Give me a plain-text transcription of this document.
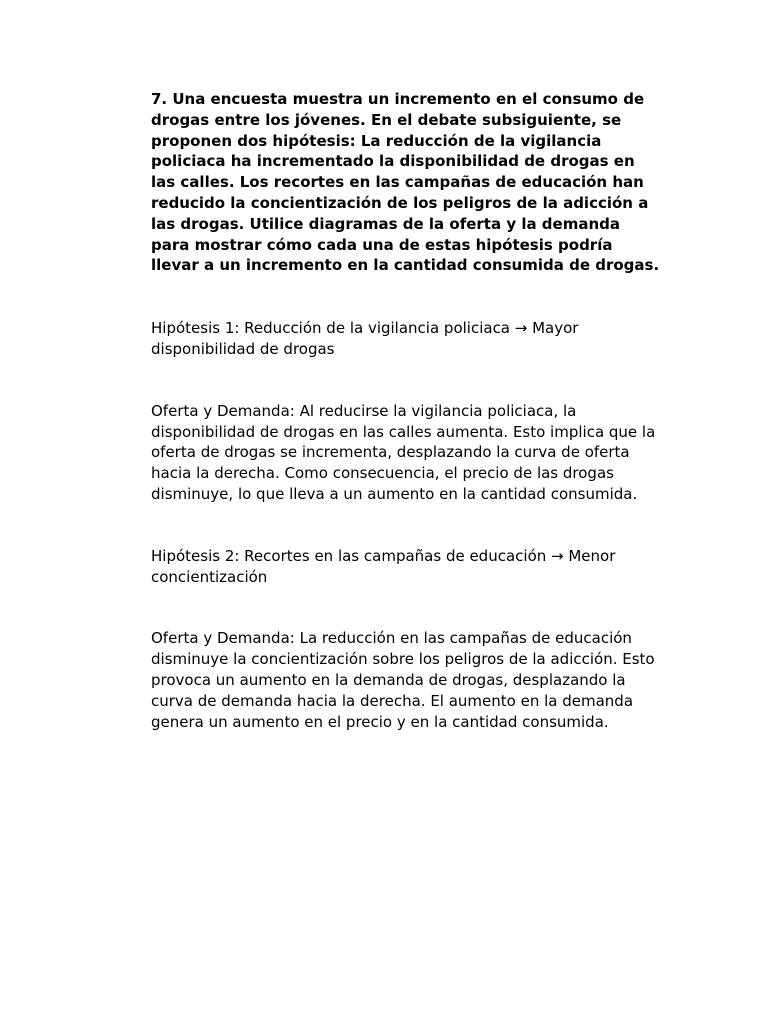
7. Una encuesta muestra un incremento en el consumo de drogas entre los jóvenes. En el debate subsiguiente, se proponen dos hipótesis: La reducción de la vigilancia policiaca ha incrementado la disponibilidad de drogas en las calles. Los recortes en las campañas de educación han reducido la concientización de los peligros de la adicción a las drogas. Utilice diagramas de la oferta y la demanda para mostrar cómo cada una de estas hipótesis podría llevar a un incremento en la cantidad consumida de drogas.

Hipótesis 1: Reducción de la vigilancia policiaca → Mayor disponibilidad de drogas

Oferta y Demanda: Al reducirse la vigilancia policiaca, la disponibilidad de drogas en las calles aumenta. Esto implica que la oferta de drogas se incrementa, desplazando la curva de oferta hacia la derecha. Como consecuencia, el precio de las drogas disminuye, lo que lleva a un aumento en la cantidad consumida.

Hipótesis 2: Recortes en las campañas de educación → Menor concientización

Oferta y Demanda: La reducción en las campañas de educación disminuye la concientización sobre los peligros de la adicción. Esto provoca un aumento en la demanda de drogas, desplazando la curva de demanda hacia la derecha. El aumento en la demanda genera un aumento en el precio y en la cantidad consumida.
